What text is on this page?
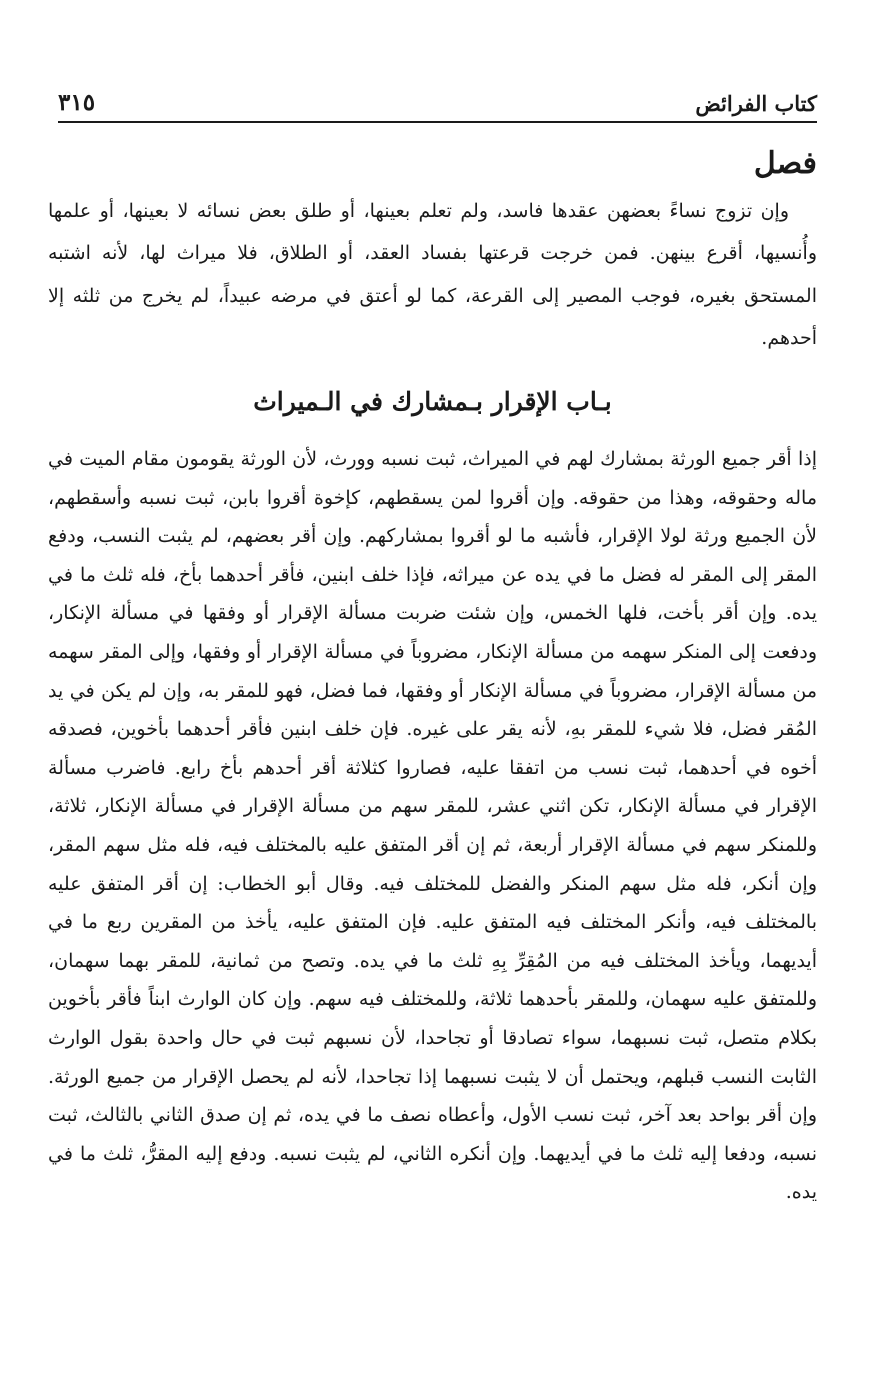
كتاب الفرائض
٣١٥
فصل

وإن تزوج نساءً بعضهن عقدها فاسد، ولم تعلم بعينها، أو طلق بعض نسائه لا بعينها، أو علمها وأُنسيها، أقرع بينهن. فمن خرجت قرعتها بفساد العقد، أو الطلاق، فلا ميراث لها، لأنه اشتبه المستحق بغيره، فوجب المصير إلى القرعة، كما لو أعتق في مرضه عبيداً، لم يخرج من ثلثه إلا أحدهم.

بـاب الإقرار بـمشارك في الـميراث

إذا أقر جميع الورثة بمشارك لهم في الميراث، ثبت نسبه وورث، لأن الورثة يقومون مقام الميت في ماله وحقوقه، وهذا من حقوقه. وإن أقروا لمن يسقطهم، كإخوة أقروا بابن، ثبت نسبه وأسقطهم، لأن الجميع ورثة لولا الإقرار، فأشبه ما لو أقروا بمشاركهم. وإن أقر بعضهم، لم يثبت النسب، ودفع المقر إلى المقر له فضل ما في يده عن ميراثه، فإذا خلف ابنين، فأقر أحدهما بأخ، فله ثلث ما في يده. وإن أقر بأخت، فلها الخمس، وإن شئت ضربت مسألة الإقرار أو وفقها في مسألة الإنكار، ودفعت إلى المنكر سهمه من مسألة الإنكار، مضروباً في مسألة الإقرار أو وفقها، وإلى المقر سهمه من مسألة الإقرار، مضروباً في مسألة الإنكار أو وفقها، فما فضل، فهو للمقر به، وإن لم يكن في يد المُقر فضل، فلا شيء للمقر بهِ، لأنه يقر على غيره. فإن خلف ابنين فأقر أحدهما بأخوين، فصدقه أخوه في أحدهما، ثبت نسب من اتفقا عليه، فصاروا كثلاثة أقر أحدهم بأخ رابع. فاضرب مسألة الإقرار في مسألة الإنكار، تكن اثني عشر، للمقر سهم من مسألة الإقرار في مسألة الإنكار، ثلاثة، وللمنكر سهم في مسألة الإقرار أربعة، ثم إن أقر المتفق عليه بالمختلف فيه، فله مثل سهم المقر، وإن أنكر، فله مثل سهم المنكر والفضل للمختلف فيه. وقال أبو الخطاب: إن أقر المتفق عليه بالمختلف فيه، وأنكر المختلف فيه المتفق عليه. فإن المتفق عليه، يأخذ من المقرين ربع ما في أيديهما، ويأخذ المختلف فيه من المُقِرِّ بِهِ ثلث ما في يده. وتصح من ثمانية، للمقر بهما سهمان، وللمتفق عليه سهمان، وللمقر بأحدهما ثلاثة، وللمختلف فيه سهم. وإن كان الوارث ابناً فأقر بأخوين بكلام متصل، ثبت نسبهما، سواء تصادقا أو تجاحدا، لأن نسبهم ثبت في حال واحدة بقول الوارث الثابت النسب قبلهم، ويحتمل أن لا يثبت نسبهما إذا تجاحدا، لأنه لم يحصل الإقرار من جميع الورثة. وإن أقر بواحد بعد آخر، ثبت نسب الأول، وأعطاه نصف ما في يده، ثم إن صدق الثاني بالثالث، ثبت نسبه، ودفعا إليه ثلث ما في أيديهما. وإن أنكره الثاني، لم يثبت نسبه. ودفع إليه المقرُّ، ثلث ما في يده.
